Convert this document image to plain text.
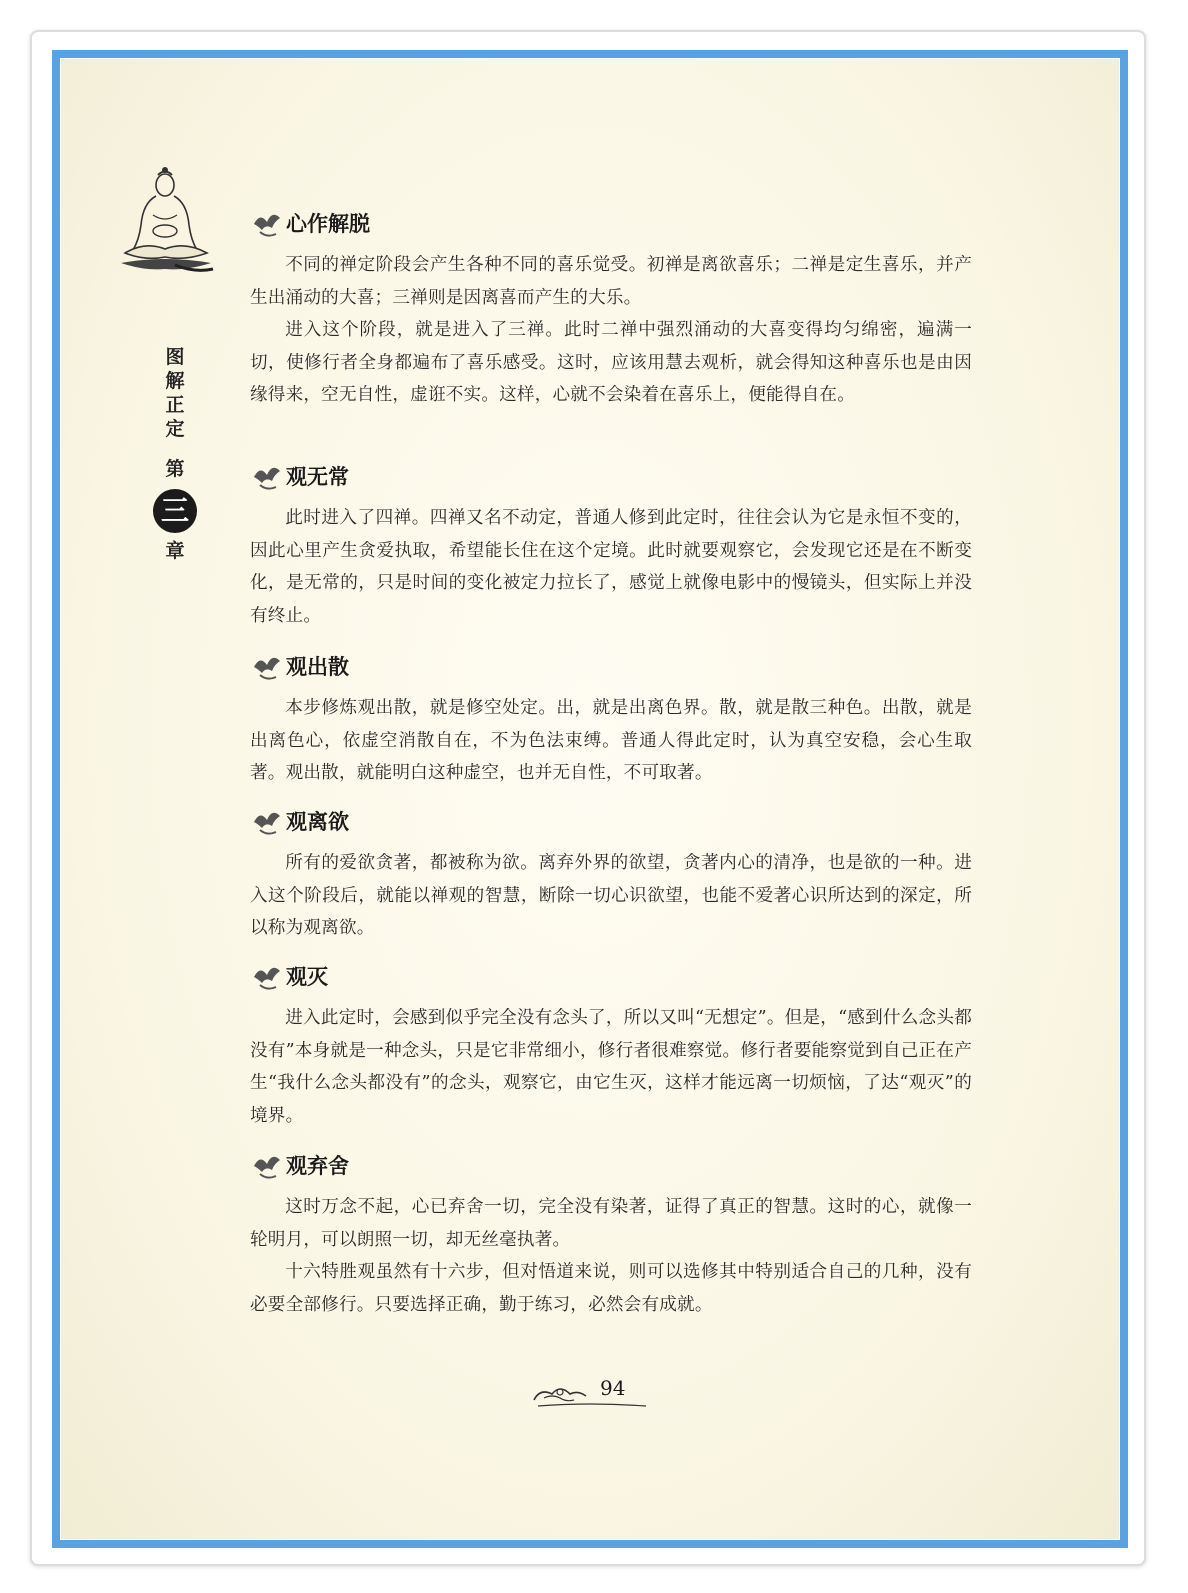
图
解
正
定
第
三
章
心作解脱

不同的禅定阶段会产生各种不同的喜乐觉受。初禅是离欲喜乐；二禅是定生喜乐，并产生出涌动的大喜；三禅则是因离喜而产生的大乐。

进入这个阶段，就是进入了三禅。此时二禅中强烈涌动的大喜变得均匀绵密，遍满一切，使修行者全身都遍布了喜乐感受。这时，应该用慧去观析，就会得知这种喜乐也是由因缘得来，空无自性，虚诳不实。这样，心就不会染着在喜乐上，便能得自在。

观无常

此时进入了四禅。四禅又名不动定，普通人修到此定时，往往会认为它是永恒不变的，因此心里产生贪爱执取，希望能长住在这个定境。此时就要观察它，会发现它还是在不断变化，是无常的，只是时间的变化被定力拉长了，感觉上就像电影中的慢镜头，但实际上并没有终止。

观出散

本步修炼观出散，就是修空处定。出，就是出离色界。散，就是散三种色。出散，就是出离色心，依虚空消散自在，不为色法束缚。普通人得此定时，认为真空安稳，会心生取著。观出散，就能明白这种虚空，也并无自性，不可取著。

观离欲

所有的爱欲贪著，都被称为欲。离弃外界的欲望，贪著内心的清净，也是欲的一种。进入这个阶段后，就能以禅观的智慧，断除一切心识欲望，也能不爱著心识所达到的深定，所以称为观离欲。

观灭

进入此定时，会感到似乎完全没有念头了，所以又叫“无想定”。但是，“感到什么念头都没有”本身就是一种念头，只是它非常细小，修行者很难察觉。修行者要能察觉到自己正在产生“我什么念头都没有”的念头，观察它，由它生灭，这样才能远离一切烦恼，了达“观灭”的境界。

观弃舍

这时万念不起，心已弃舍一切，完全没有染著，证得了真正的智慧。这时的心，就像一轮明月，可以朗照一切，却无丝毫执著。

十六特胜观虽然有十六步，但对悟道来说，则可以选修其中特别适合自己的几种，没有必要全部修行。只要选择正确，勤于练习，必然会有成就。

94
